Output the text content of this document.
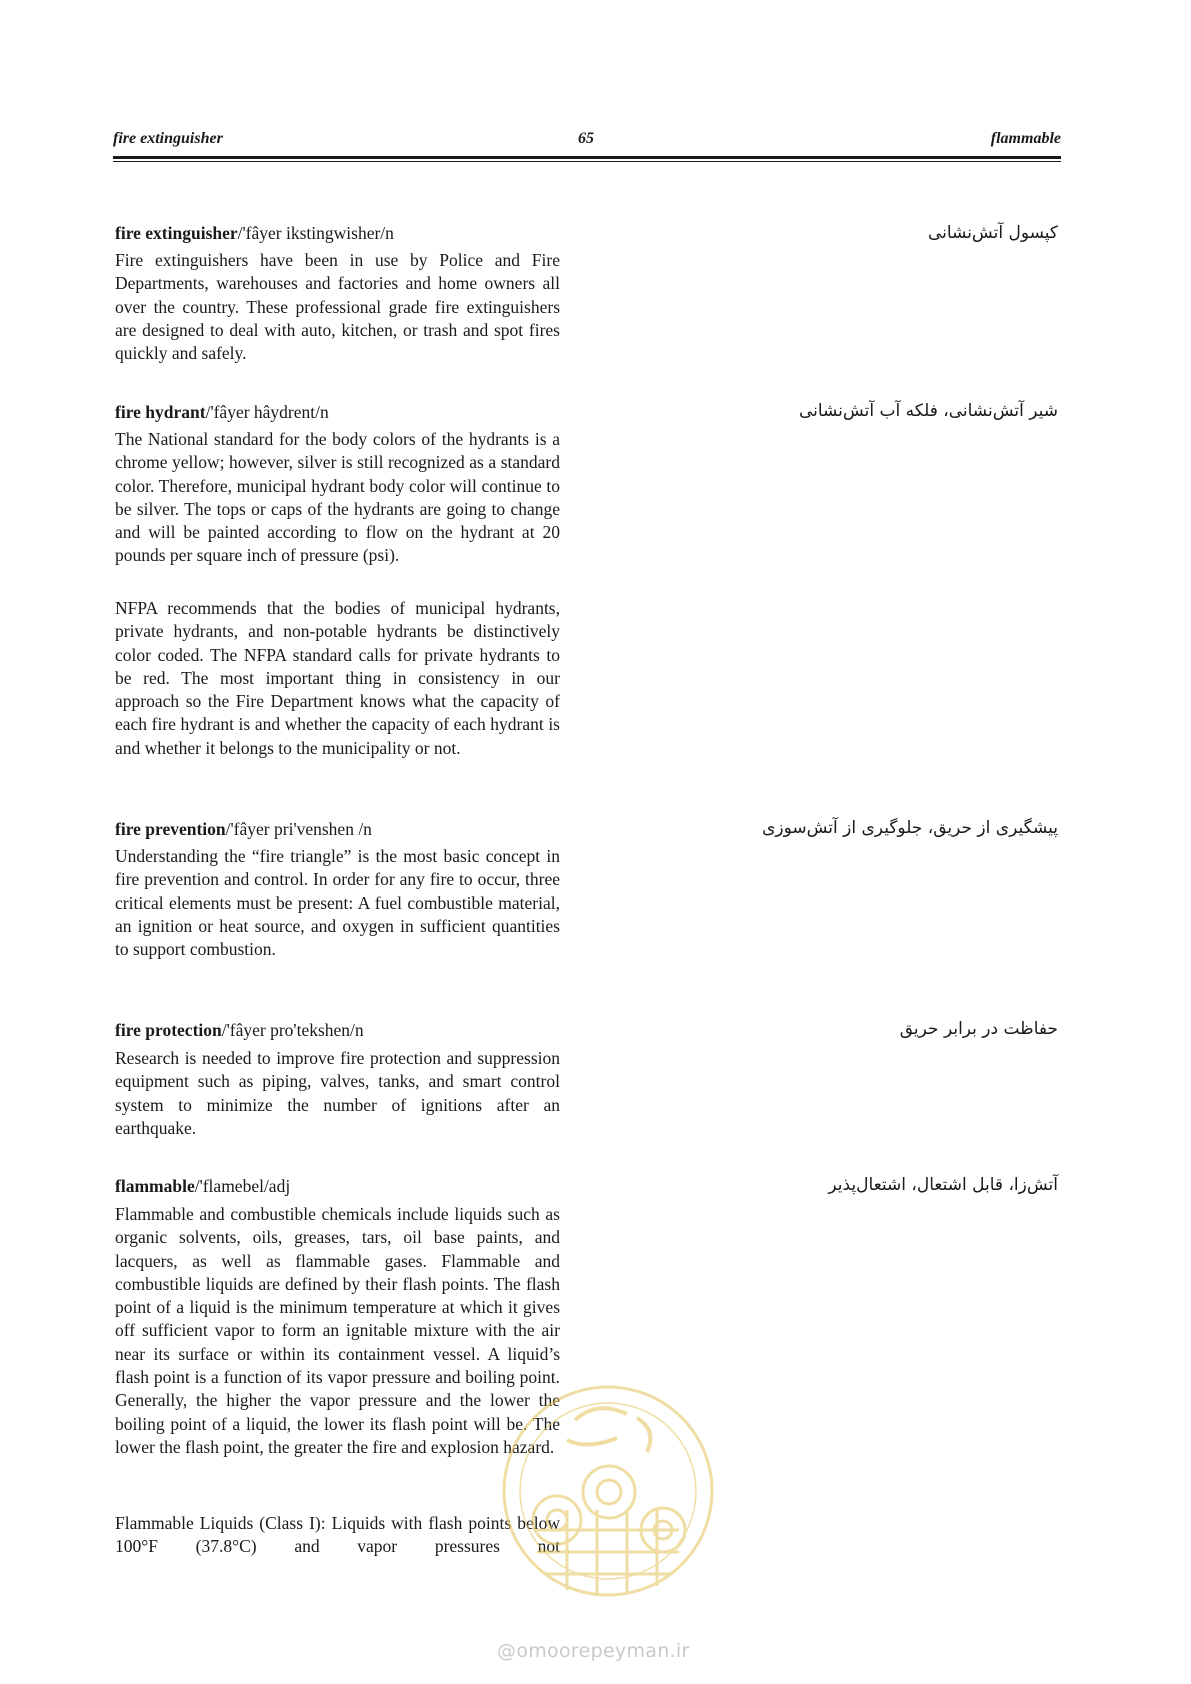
fire extinguisher	65	flammable
fire extinguisher/'fâyer ikstingwisher/n	کپسول آتش‌نشانی

Fire extinguishers have been in use by Police and Fire Departments, warehouses and factories and home owners all over the country. These professional grade fire extinguishers are designed to deal with auto, kitchen, or trash and spot fires quickly and safely.

fire hydrant/'fâyer hâydrent/n	شیر آتش‌نشانی، فلکه آب آتش‌نشانی

The National standard for the body colors of the hydrants is a chrome yellow; however, silver is still recognized as a standard color. Therefore, municipal hydrant body color will continue to be silver. The tops or caps of the hydrants are going to change and will be painted according to flow on the hydrant at 20 pounds per square inch of pressure (psi).

NFPA recommends that the bodies of municipal hydrants, private hydrants, and non-potable hydrants be distinctively color coded. The NFPA standard calls for private hydrants to be red. The most important thing in consistency in our approach so the Fire Department knows what the capacity of each fire hydrant is and whether the capacity of each hydrant is and whether it belongs to the municipality or not.

fire prevention/'fâyer pri'venshen /n	پیشگیری از حریق، جلوگیری از آتش‌سوزی

Understanding the “fire triangle” is the most basic concept in fire prevention and control. In order for any fire to occur, three critical elements must be present: A fuel combustible material, an ignition or heat source, and oxygen in sufficient quantities to support combustion.

fire protection/'fâyer pro'tekshen/n	حفاظت در برابر حریق

Research is needed to improve fire protection and suppression equipment such as piping, valves, tanks, and smart control system to minimize the number of ignitions after an earthquake.

flammable/'flamebel/adj	آتش‌زا، قابل اشتعال، اشتعال‌پذیر

Flammable and combustible chemicals include liquids such as organic solvents, oils, greases, tars, oil base paints, and lacquers, as well as flammable gases. Flammable and combustible liquids are defined by their flash points. The flash point of a liquid is the minimum temperature at which it gives off sufficient vapor to form an ignitable mixture with the air near its surface or within its containment vessel. A liquid’s flash point is a function of its vapor pressure and boiling point. Generally, the higher the vapor pressure and the lower the boiling point of a liquid, the lower its flash point will be. The lower the flash point, the greater the fire and explosion hazard.

Flammable Liquids (Class I): Liquids with flash points below 100°F (37.8°C) and vapor pressures not

@omoorepeyman.ir
